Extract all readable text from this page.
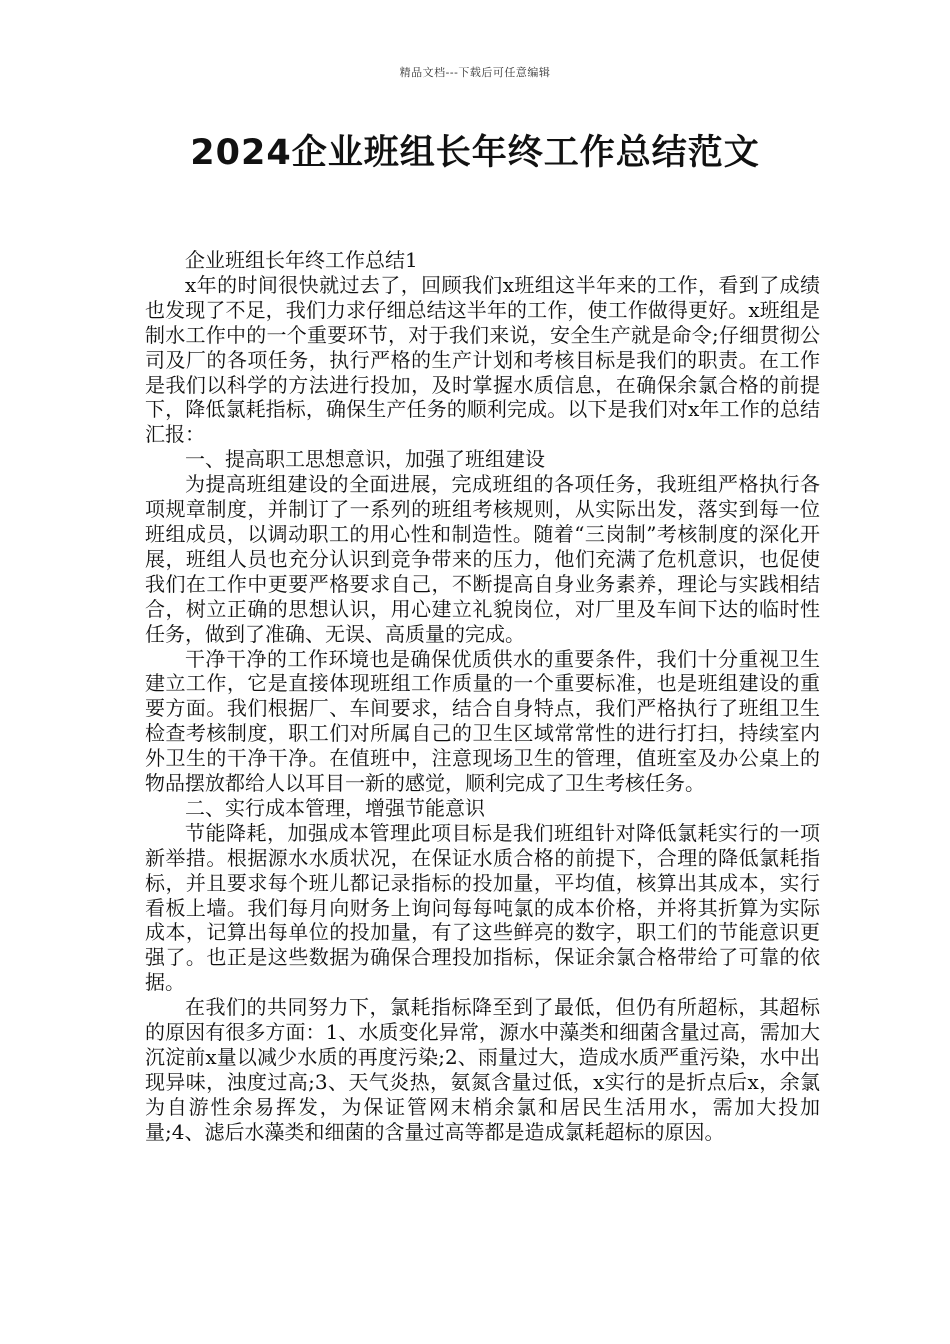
精品文档---下载后可任意编辑
2024企业班组长年终工作总结范文

企业班组长年终工作总结1

x年的时间很快就过去了，回顾我们x班组这半年来的工作，看到了成绩也发现了不足，我们力求仔细总结这半年的工作，使工作做得更好。x班组是制水工作中的一个重要环节，对于我们来说，安全生产就是命令;仔细贯彻公司及厂的各项任务，执行严格的生产计划和考核目标是我们的职责。在工作是我们以科学的方法进行投加，及时掌握水质信息，在确保余氯合格的前提下，降低氯耗指标，确保生产任务的顺利完成。以下是我们对x年工作的总结汇报：

一、提高职工思想意识，加强了班组建设

为提高班组建设的全面进展，完成班组的各项任务，我班组严格执行各项规章制度，并制订了一系列的班组考核规则，从实际出发，落实到每一位班组成员，以调动职工的用心性和制造性。随着“三岗制”考核制度的深化开展，班组人员也充分认识到竞争带来的压力，他们充满了危机意识，也促使我们在工作中更要严格要求自己，不断提高自身业务素养，理论与实践相结合，树立正确的思想认识，用心建立礼貌岗位，对厂里及车间下达的临时性任务，做到了准确、无误、高质量的完成。

干净干净的工作环境也是确保优质供水的重要条件，我们十分重视卫生建立工作，它是直接体现班组工作质量的一个重要标准，也是班组建设的重要方面。我们根据厂、车间要求，结合自身特点，我们严格执行了班组卫生检查考核制度，职工们对所属自己的卫生区域常常性的进行打扫，持续室内外卫生的干净干净。在值班中，注意现场卫生的管理，值班室及办公桌上的物品摆放都给人以耳目一新的感觉，顺利完成了卫生考核任务。

二、实行成本管理，增强节能意识

节能降耗，加强成本管理此项目标是我们班组针对降低氯耗实行的一项新举措。根据源水水质状况，在保证水质合格的前提下，合理的降低氯耗指标，并且要求每个班儿都记录指标的投加量，平均值，核算出其成本，实行看板上墙。我们每月向财务上询问每每吨氯的成本价格，并将其折算为实际成本，记算出每单位的投加量，有了这些鲜亮的数字，职工们的节能意识更强了。也正是这些数据为确保合理投加指标，保证余氯合格带给了可靠的依据。

在我们的共同努力下，氯耗指标降至到了最低，但仍有所超标，其超标的原因有很多方面：1、水质变化异常，源水中藻类和细菌含量过高，需加大沉淀前x量以减少水质的再度污染;2、雨量过大，造成水质严重污染，水中出现异味，浊度过高;3、天气炎热，氨氮含量过低，x实行的是折点后x，余氯为自游性余易挥发，为保证管网末梢余氯和居民生活用水，需加大投加量;4、滤后水藻类和细菌的含量过高等都是造成氯耗超标的原因。
